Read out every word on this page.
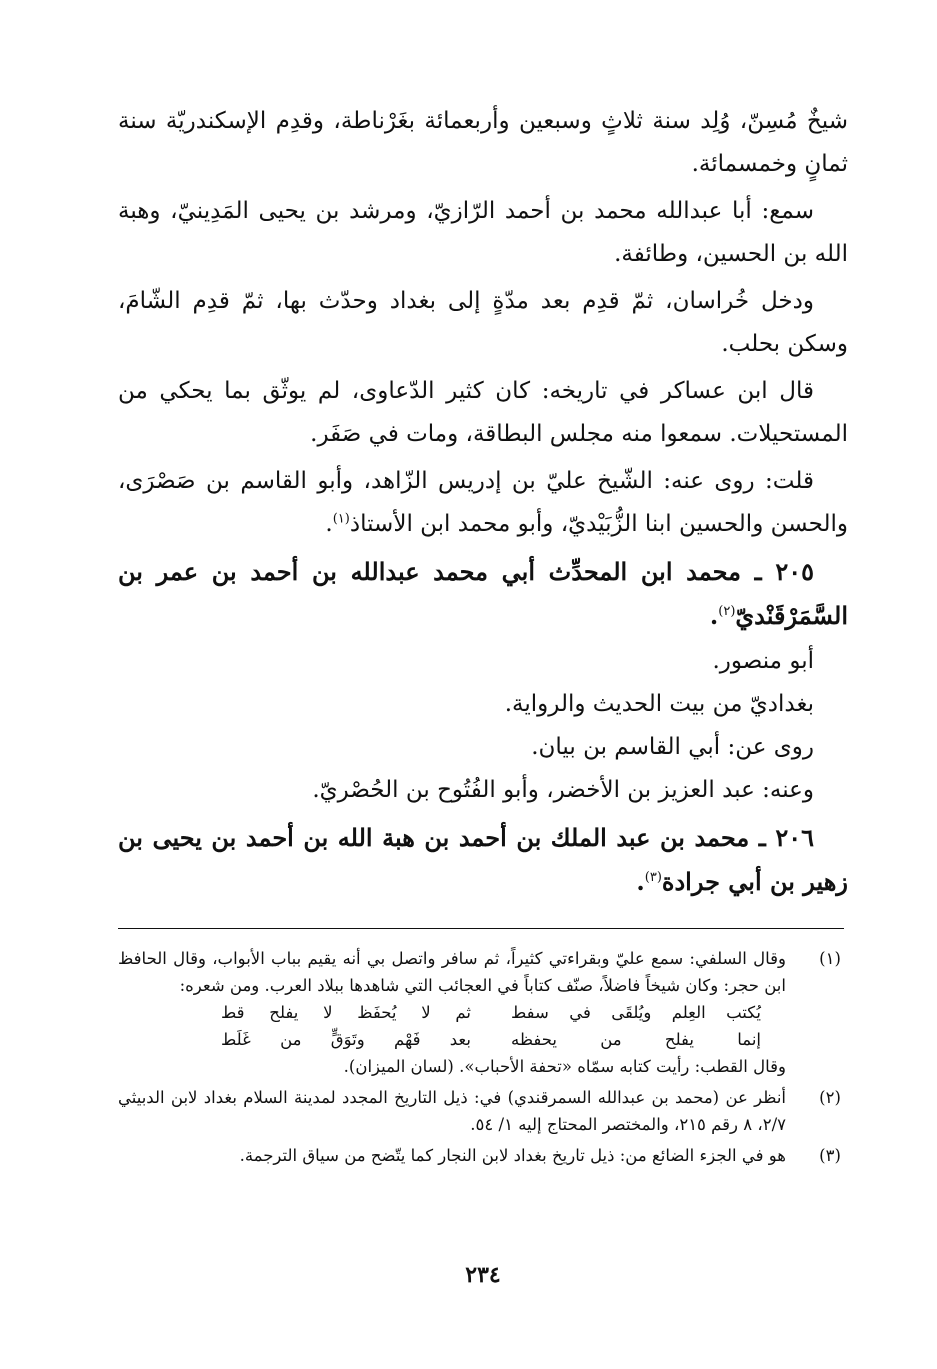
شيخٌ مُسِنّ، وُلِد سنة ثلاثٍ وسبعين وأربعمائة بغَرْناطة، وقدِم الإسكندريّة سنة ثمانٍ وخمسمائة.

سمع: أبا عبدالله محمد بن أحمد الرّازيّ، ومرشد بن يحيى المَدِينيّ، وهبة الله بن الحسين، وطائفة.

ودخل خُراسان، ثمّ قدِم بعد مدّةٍ إلى بغداد وحدّث بها، ثمّ قدِم الشّامَ، وسكن بحلب.

قال ابن عساكر في تاريخه: كان كثير الدّعاوى، لم يوثّق بما يحكي من المستحيلات. سمعوا منه مجلس البطاقة، ومات في صَفَر.

قلت: روى عنه: الشّيخ عليّ بن إدريس الزّاهد، وأبو القاسم بن صَصْرَى، والحسن والحسين ابنا الزُّبَيْديّ، وأبو محمد ابن الأستاذ$^{(١)}$.

٢٠٥ ـ محمد ابن المحدِّث أبي محمد عبدالله بن أحمد بن عمر بن السَّمَرْقَنْديّ$^{(٢)}$.

أبو منصور.

بغداديّ من بيت الحديث والرواية.

روى عن: أبي القاسم بن بيان.

وعنه: عبد العزيز بن الأخضر، وأبو الفُتُوح بن الحُصْريّ.

٢٠٦ ـ محمد بن عبد الملك بن أحمد بن هبة الله بن أحمد بن يحيى بن زهير بن أبي جرادة$^{(٣)}$.
(١)
وقال السلفي: سمع عليّ وبقراءتي كثيراً، ثم سافر واتصل بي أنه يقيم بباب الأبواب، وقال الحافظ ابن حجر: وكان شيخاً فاضلاً، صنّف كتاباً في العجائب التي شاهدها ببلاد العرب. ومن شعره:
يُكتب العِلم ويُلقَى في سفط
ثم لا يُحفَظ لا يفلح قط
إنما يفلح من يحفظه
بعد فَهْم وتَوَقٍّ من غَلَط
وقال القطب: رأيت كتابه سمّاه «تحفة الأحباب». (لسان الميزان).
(٢)
أنظر عن (محمد بن عبدالله السمرقندي) في: ذيل التاريخ المجدد لمدينة السلام بغداد لابن الدبيثي ٢/٧، ٨ رقم ٢١٥، والمختصر المحتاج إليه ١/ ٥٤.
(٣)
هو في الجزء الضائع من: ذيل تاريخ بغداد لابن النجار كما يتّضح من سياق الترجمة.
٢٣٤
